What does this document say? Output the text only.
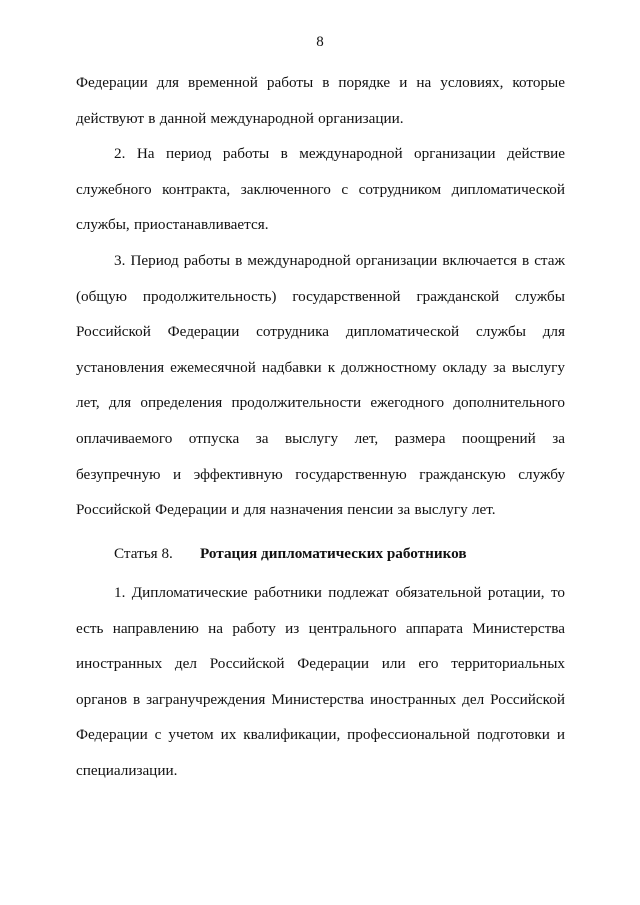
8

Федерации для временной работы в порядке и на условиях, которые действуют в данной международной организации.

2. На период работы в международной организации действие служебного контракта, заключенного с сотрудником дипломатической службы, приостанавливается.

3. Период работы в международной организации включается в стаж (общую продолжительность) государственной гражданской службы Российской Федерации сотрудника дипломатической службы для установления ежемесячной надбавки к должностному окладу за выслугу лет, для определения продолжительности ежегодного дополнительного оплачиваемого отпуска за выслугу лет, размера поощрений за безупречную и эффективную государственную гражданскую службу Российской Федерации и для назначения пенсии за выслугу лет.

Статья 8. Ротация дипломатических работников

1. Дипломатические работники подлежат обязательной ротации, то есть направлению на работу из центрального аппарата Министерства иностранных дел Российской Федерации или его территориальных органов в загранучреждения Министерства иностранных дел Российской Федерации с учетом их квалификации, профессиональной подготовки и специализации.
